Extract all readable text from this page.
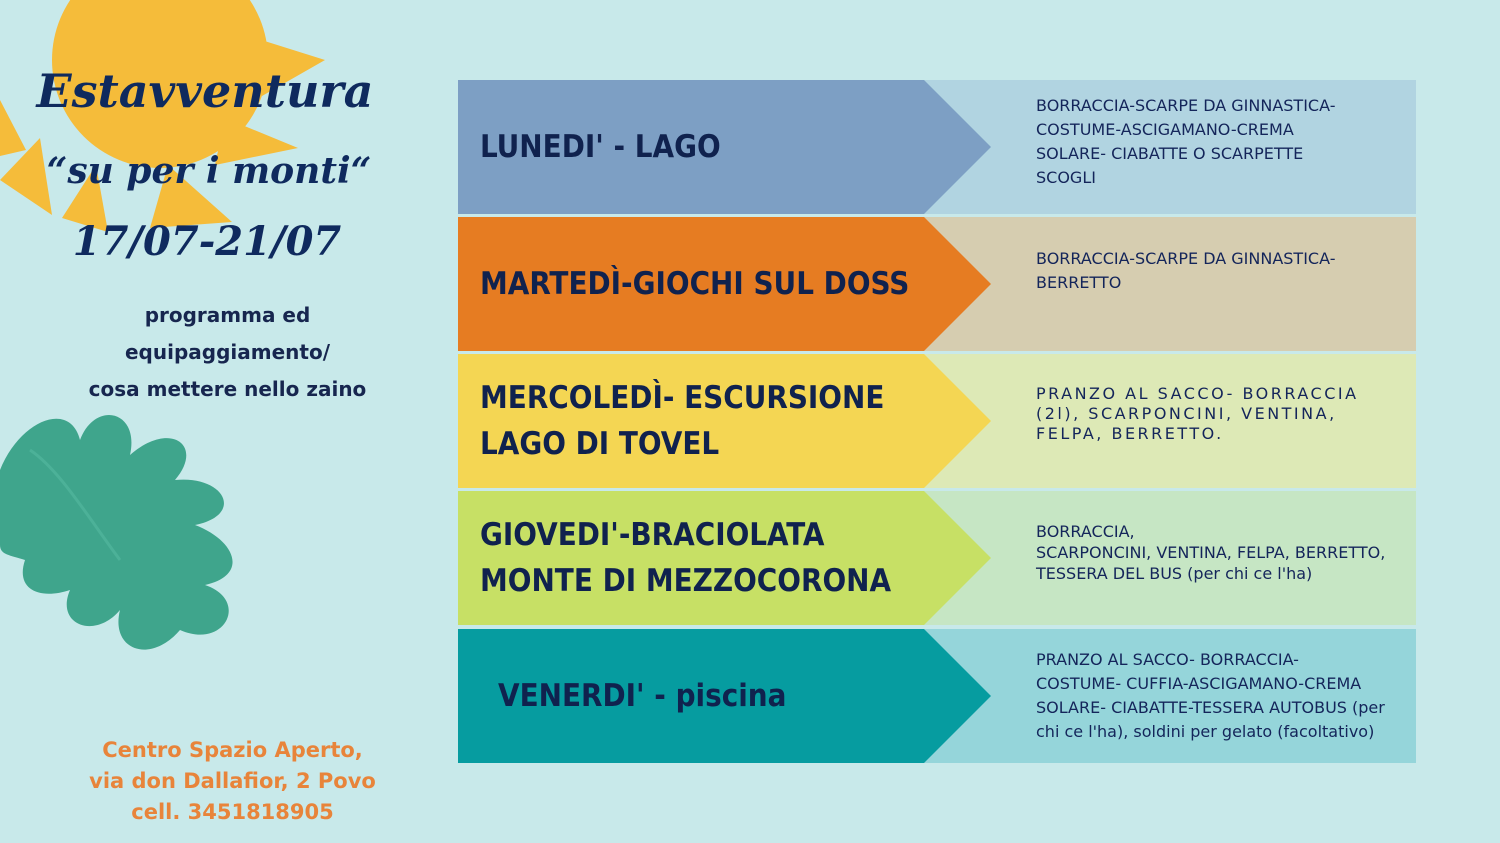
Estavventura
“su per i monti“
17/07-21/07
programma ed
equipaggiamento/
cosa mettere nello zaino
Centro Spazio Aperto,
via don Dallafior, 2 Povo
cell. 3451818905
LUNEDI' - LAGO
BORRACCIA-SCARPE DA GINNASTICA-
COSTUME-ASCIGAMANO-CREMA
SOLARE- CIABATTE O SCARPETTE
SCOGLI
MARTEDÌ-GIOCHI SUL DOSS
BORRACCIA-SCARPE DA GINNASTICA-
BERRETTO
MERCOLEDÌ- ESCURSIONE
LAGO DI TOVEL
PRANZO AL SACCO- BORRACCIA
(2l), SCARPONCINI, VENTINA,
FELPA, BERRETTO.
GIOVEDI'-BRACIOLATA
MONTE DI MEZZOCORONA
BORRACCIA,
SCARPONCINI, VENTINA, FELPA, BERRETTO,
TESSERA DEL BUS (per chi ce l'ha)
VENERDI' - piscina
PRANZO AL SACCO- BORRACCIA-
COSTUME- CUFFIA-ASCIGAMANO-CREMA
SOLARE- CIABATTE-TESSERA AUTOBUS (per
chi ce l'ha), soldini per gelato (facoltativo)
